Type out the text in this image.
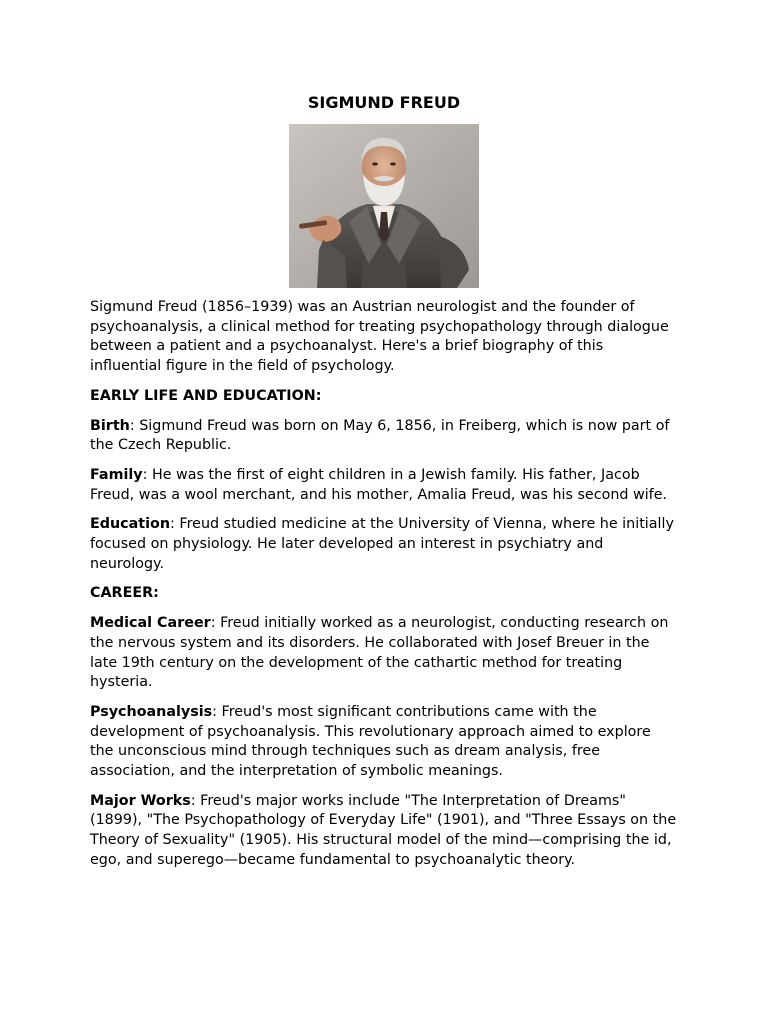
SIGMUND FREUD

Sigmund Freud (1856–1939) was an Austrian neurologist and the founder of psychoanalysis, a clinical method for treating psychopathology through dialogue between a patient and a psychoanalyst. Here's a brief biography of this influential figure in the field of psychology.

EARLY LIFE AND EDUCATION:

Birth: Sigmund Freud was born on May 6, 1856, in Freiberg, which is now part of the Czech Republic.

Family: He was the first of eight children in a Jewish family. His father, Jacob Freud, was a wool merchant, and his mother, Amalia Freud, was his second wife.

Education: Freud studied medicine at the University of Vienna, where he initially focused on physiology. He later developed an interest in psychiatry and neurology.

CAREER:

Medical Career: Freud initially worked as a neurologist, conducting research on the nervous system and its disorders. He collaborated with Josef Breuer in the late 19th century on the development of the cathartic method for treating hysteria.

Psychoanalysis: Freud's most significant contributions came with the development of psychoanalysis. This revolutionary approach aimed to explore the unconscious mind through techniques such as dream analysis, free association, and the interpretation of symbolic meanings.

Major Works: Freud's major works include "The Interpretation of Dreams" (1899), "The Psychopathology of Everyday Life" (1901), and "Three Essays on the Theory of Sexuality" (1905). His structural model of the mind—comprising the id, ego, and superego—became fundamental to psychoanalytic theory.
